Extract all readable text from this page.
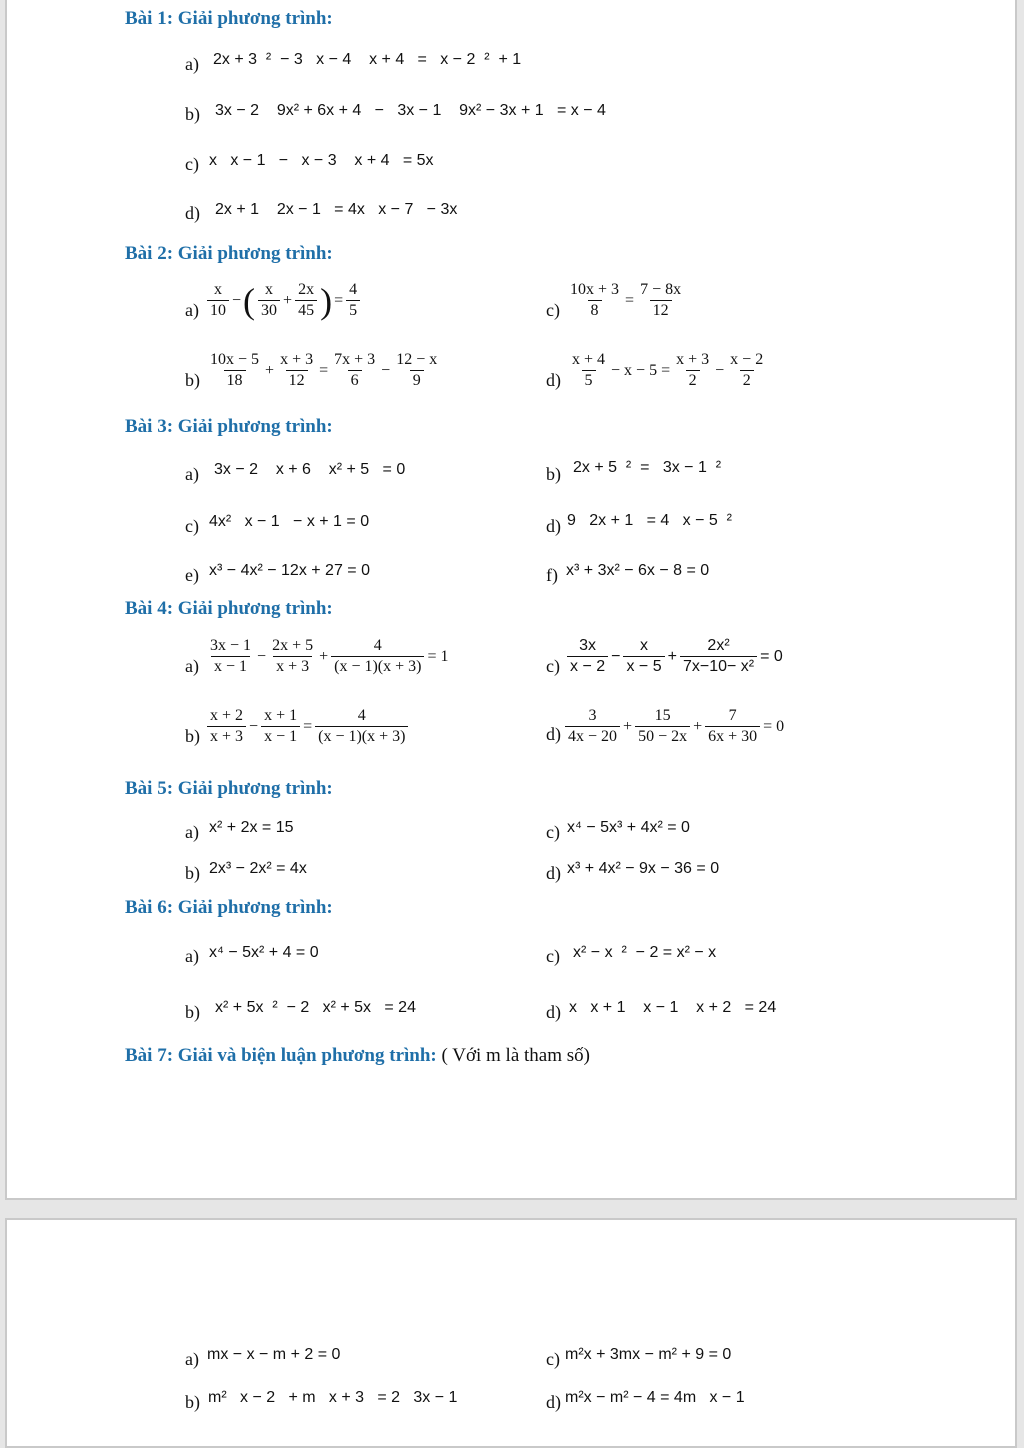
Bài 1: Giải phương trình:
a) 2x + 3  ²  − 3   x − 4    x + 4   =   x − 2  ²  + 1
b) 3x − 2    9x² + 6x + 4   −   3x − 1    9x² − 3x + 1   = x − 4
c) x   x − 1   −   x − 3    x + 4   = 5x
d) 2x + 1    2x − 1   = 4x   x − 7   − 3x
Bài 2: Giải phương trình:
a)
x
10
− ( x
30
+ $\frac{2x}{45}$ ) = $\frac{4}{5}$	$c) \frac{10x + 3}{8} = \frac{7 - 8x}{12}$
b)
10x − 5
18
+ $\frac{x + 3}{12} = \frac{7x + 3}{6} - \frac{12 - x}{9}$	d)
x + 4
5
− $x - 5 = \frac{x + 3}{2} - \frac{x - 2}{2}$
Bài 3: Giải phương trình:
a) 3x − 2    x + 6    x² + 5   = 0	b) 2x + 5  ²  =   3x − 1  ²
c) 4x²   x − 1   − x + 1 = 0	d) 9   2x + 1   = 4   x − 5  ²
e) x³ − 4x² − 12x + 27 = 0	f) x³ + 3x² − 6x − 8 = 0
Bài 4: Giải phương trình:
a)
3x − 1
x − 1
− $\frac{2x + 5}{x + 3} + \frac{4}{(x - 1)(x + 3)} = 1$	c)
3x
x − 2
− $\frac{x}{x - 5} + \frac{\text{2x²}}{\text{7x−10− x²}} = 0$
b)
x + 2
x + 3
− $\frac{x + 1}{x - 1} = \frac{4}{(x - 1)(x + 3)}$	d)
3
4x − 20
+ $\frac{15}{50 - 2x} + \frac{7}{6x + 30} = 0$
Bài 5: Giải phương trình:
a) x² + 2x = 15	c) x⁴ − 5x³ + 4x² = 0
b) 2x³ − 2x² = 4x	d) x³ + 4x² − 9x − 36 = 0
Bài 6: Giải phương trình:
a) x⁴ − 5x² + 4 = 0	c) x² − x  ²  − 2 = x² − x
b) x² + 5x  ²  − 2   x² + 5x   = 24	d) x   x + 1    x − 1    x + 2   = 24
Bài 7: Giải và biện luận phương trình: ( Với m là tham số)
a) mx − x − m + 2 = 0	c) m²x + 3mx − m² + 9 = 0
b) m²   x − 2   + m   x + 3   = 2   3x − 1	d) m²x − m² − 4 = 4m   x − 1
